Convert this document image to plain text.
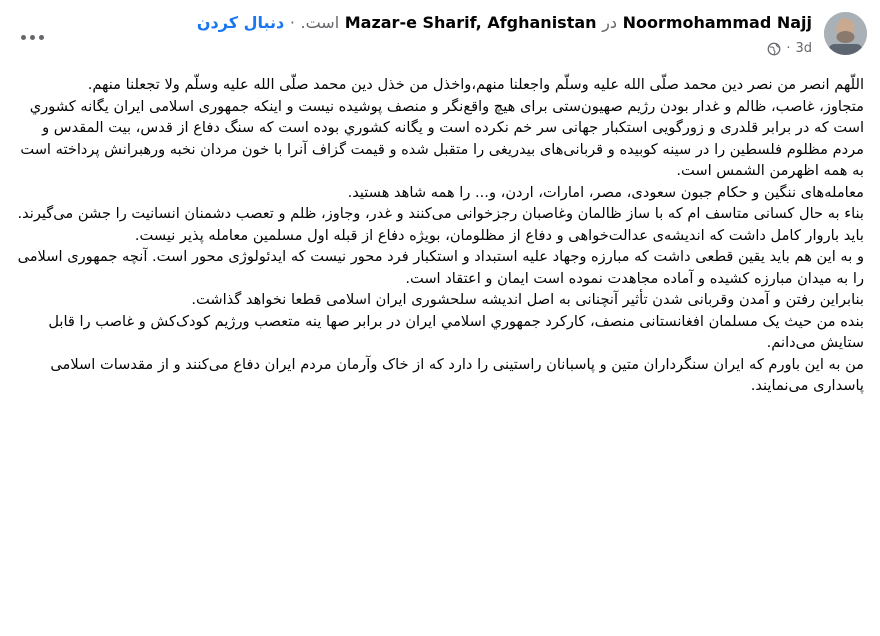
Noormohammad Najj در Mazar-e Sharif, Afghanistan است. · دنبال کردن
· 3d

اللّهم انصر من نصر دین محمد صلّی الله علیه وسلّم واجعلنا منهم،واخذل من خذل دین محمد صلّی الله علیه وسلّم ولا تجعلنا منهم.

متجاوز، غاصب، ظالم و غدار بودن رژیم صهیون‌ستی برای هیچ واقع‌نگر و منصف پوشیده نیست و اینکه جمهوری اسلامی ایران یگانه کشوري است که در برابر قلدری و زورگویی استکبار جهانی سر خم نکرده است و یگانه کشوري بوده است که سنگ دفاع از قدس، بیت المقدس و مردم مظلوم فلسطین را در سینه کوبیده و قربانی‌های بیدریغی را متقبل شده و قیمت گزاف آنرا با خون مردان نخبه ورهبرانش پرداخته است به همه اظهرمن الشمس است.

معامله‌های ننگین و حکام جبون سعودی، مصر، امارات، اردن، و... را همه شاهد هستید.

بناء به حال کسانی متاسف ام که با ساز ظالمان وغاصبان رجزخوانی می‌کنند و غدر، وجاوز، ظلم و تعصب دشمنان انسانیت را جشن می‌گیرند.

باید باروار کامل داشت که اندیشه‌ی عدالت‌خواهی و دفاع از مظلومان، بویژه دفاع از قبله اول مسلمین معامله پذیر نیست.

و به این هم باید یقین قطعی داشت که مبارزه وجهاد علیه استبداد و استکبار فرد محور نیست که ایدئولوژی محور است. آنچه جمهوری اسلامی را به میدان مبارزه کشیده و آماده مجاهدت نموده است ایمان و اعتقاد است.

بنابراین رفتن و آمدن وقربانی شدن تأثیر آنچنانی به اصل اندیشه سلحشوری ایران اسلامی قطعا نخواهد گذاشت.

بنده من حیث یک مسلمان افغانستانی منصف، کارکرد جمهوري اسلامي ایران در برابر صها ینه متعصب ورژیم کودک‌کش و غاصب را قابل ستایش می‌دانم.

من به این باورم که ایران سنگرداران متین و پاسبانان راستینی را دارد که از خاک وآرمان مردم ایران دفاع می‌کنند و از مقدسات اسلامی پاسداری می‌نمایند.
